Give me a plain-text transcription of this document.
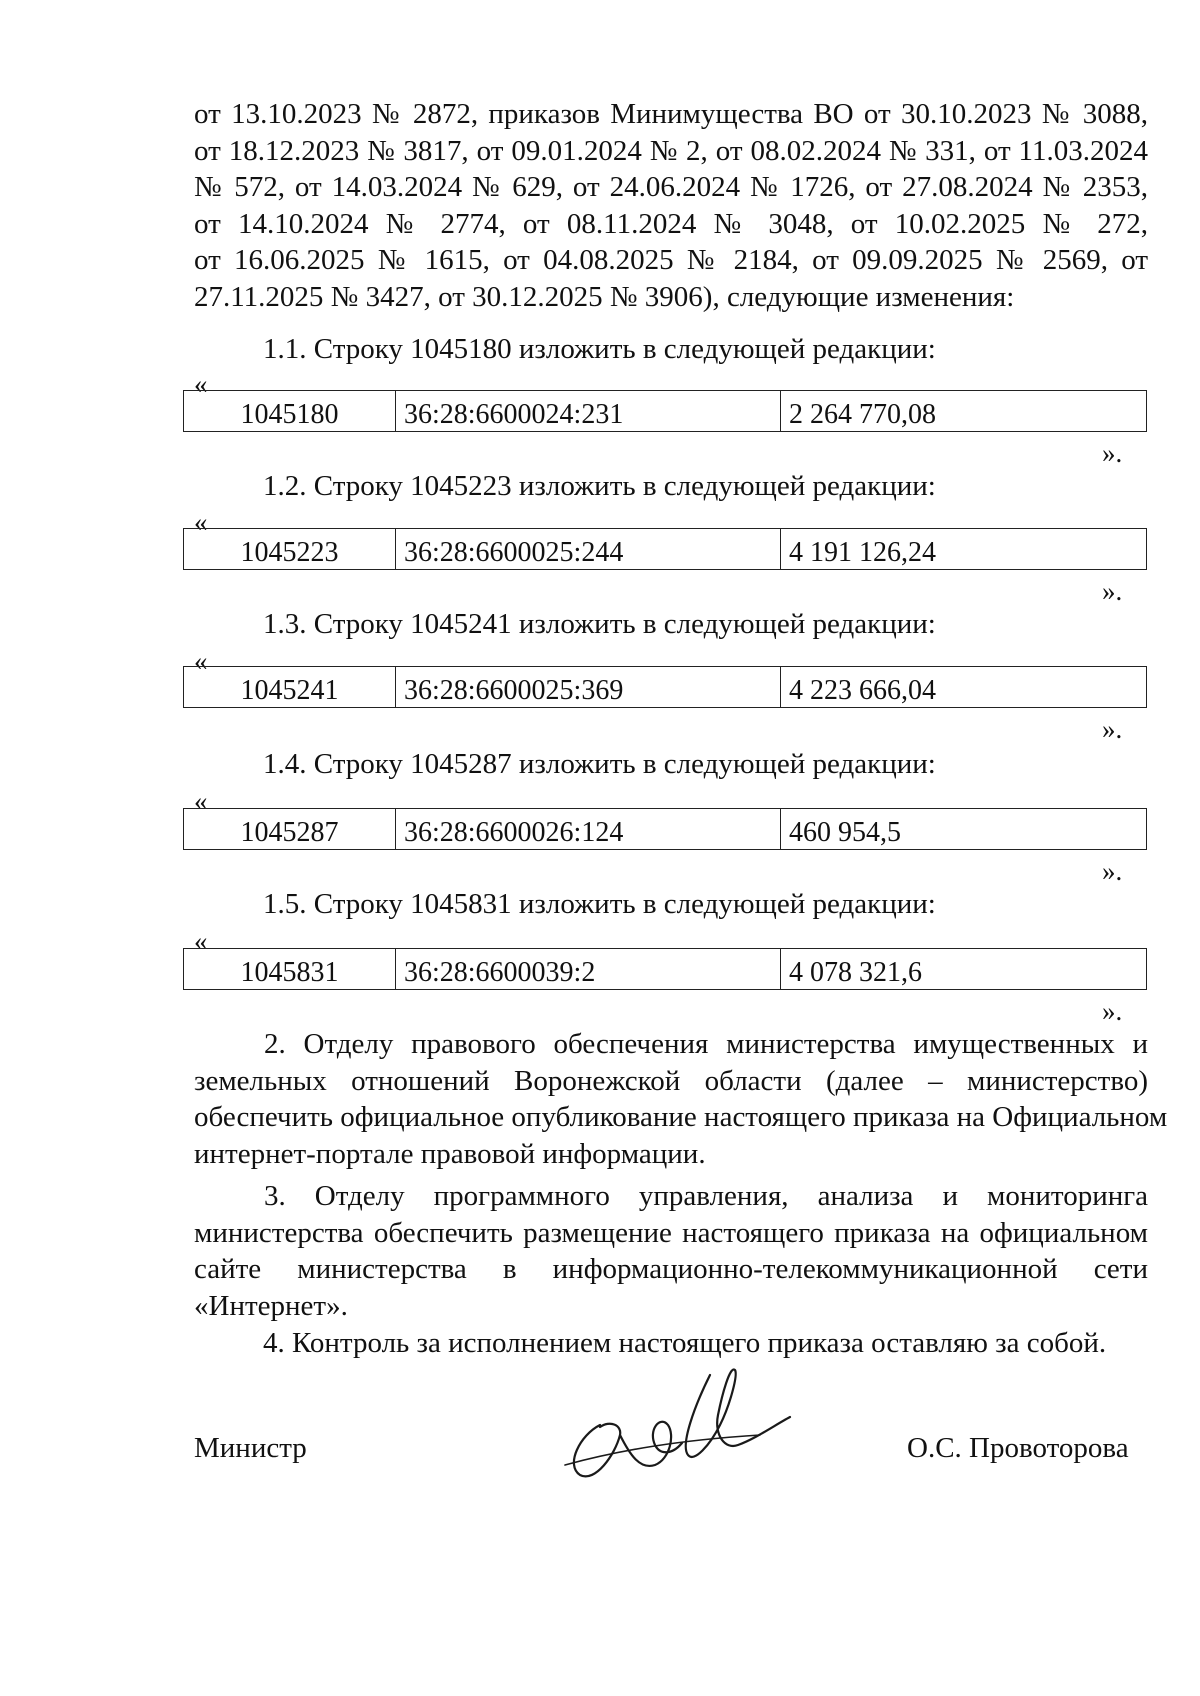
от 13.10.2023 № 2872, приказов Минимущества ВО от 30.10.2023 № 3088,
от 18.12.2023 № 3817, от 09.01.2024 № 2, от 08.02.2024 № 331, от 11.03.2024
№ 572, от 14.03.2024 № 629, от 24.06.2024 № 1726, от 27.08.2024 № 2353,
от 14.10.2024 № 2774, от 08.11.2024 № 3048, от 10.02.2025 № 272,
от 16.06.2025 № 1615, от 04.08.2025 № 2184, от 09.09.2025 № 2569, от
27.11.2025 № 3427, от 30.12.2025 № 3906), следующие изменения:
1.1. Строку 1045180 изложить в следующей редакции:
«
1045180	36:28:6600024:231	2 264 770,08
».
1.2. Строку 1045223 изложить в следующей редакции:
«
1045223	36:28:6600025:244	4 191 126,24
».
1.3. Строку 1045241 изложить в следующей редакции:
«
1045241	36:28:6600025:369	4 223 666,04
».
1.4. Строку 1045287 изложить в следующей редакции:
«
1045287	36:28:6600026:124	460 954,5
».
1.5. Строку 1045831 изложить в следующей редакции:
«
1045831	36:28:6600039:2	4 078 321,6
».
2. Отделу правового обеспечения министерства имущественных и
земельных отношений Воронежской области (далее – министерство)
обеспечить официальное опубликование настоящего приказа на Официальном
интернет-портале правовой информации.
3. Отделу программного управления, анализа и мониторинга
министерства обеспечить размещение настоящего приказа на официальном
сайте министерства в информационно-телекоммуникационной сети
«Интернет».
4. Контроль за исполнением настоящего приказа оставляю за собой.
Министр	О.С. Провоторова
